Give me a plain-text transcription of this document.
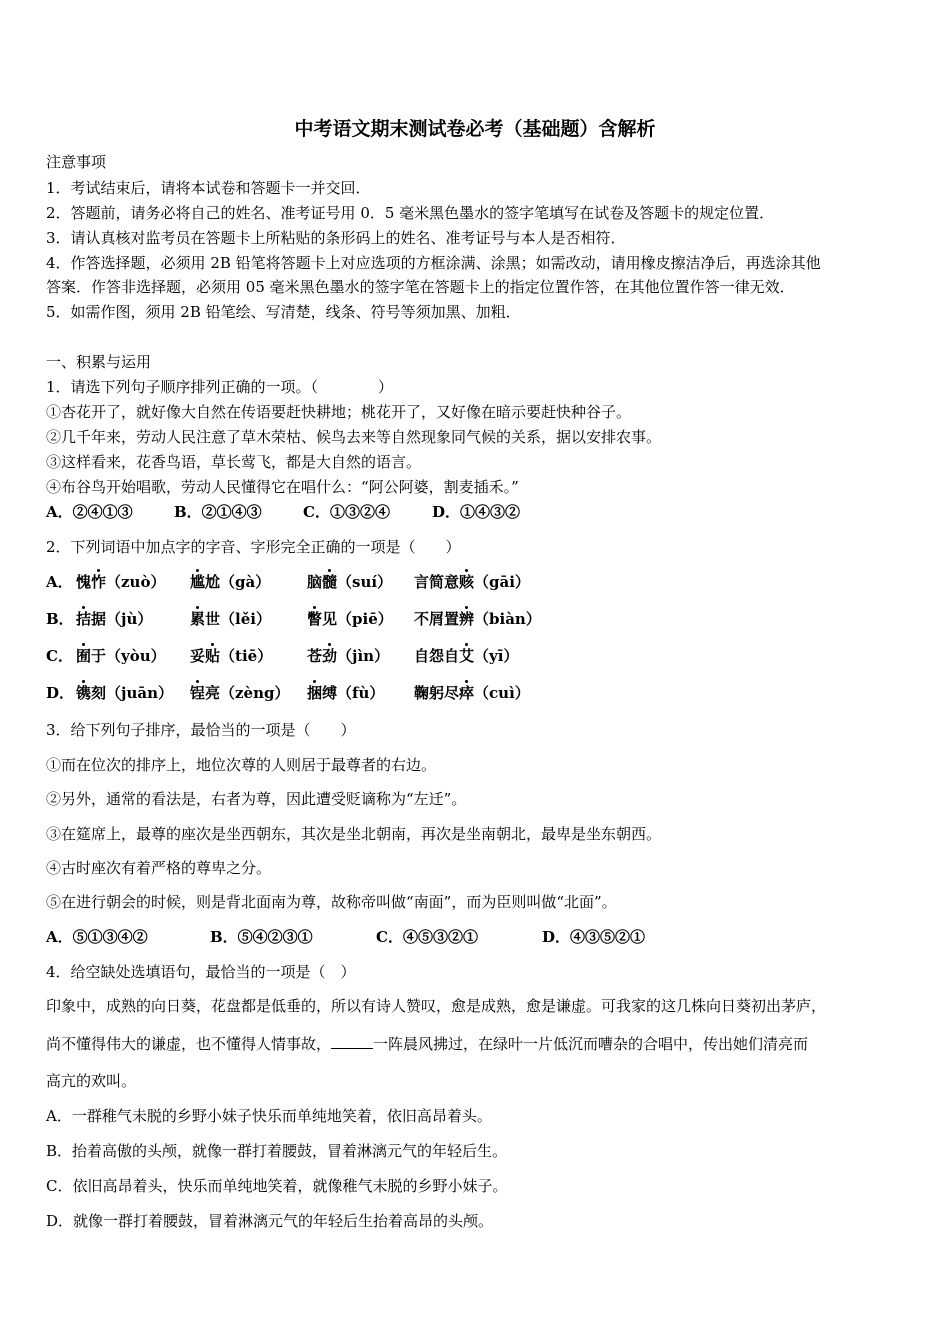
中考语文期末测试卷必考（基础题）含解析
注意事项
1．考试结束后，请将本试卷和答题卡一并交回．
2．答题前，请务必将自己的姓名、准考证号用 0．5 毫米黑色墨水的签字笔填写在试卷及答题卡的规定位置．
3．请认真核对监考员在答题卡上所粘贴的条形码上的姓名、准考证号与本人是否相符．
4．作答选择题，必须用 2B 铅笔将答题卡上对应选项的方框涂满、涂黑；如需改动，请用橡皮擦洁净后，再选涂其他
答案．作答非选择题，必须用 05 毫米黑色墨水的签字笔在答题卡上的指定位置作答，在其他位置作答一律无效．
5．如需作图，须用 2B 铅笔绘、写清楚，线条、符号等须加黑、加粗．
一、积累与运用
1．请选下列句子顺序排列正确的一项。（　　　　）
①杏花开了，就好像大自然在传语要赶快耕地；桃花开了，又好像在暗示要赶快种谷子。
②几千年来，劳动人民注意了草木荣枯、候鸟去来等自然现象同气候的关系，据以安排农事。
③这样看来，花香鸟语，草长莺飞，都是大自然的语言。
④布谷鸟开始唱歌，劳动人民懂得它在唱什么：“阿公阿婆，割麦插禾。”
A．②④①③	B．②①④③	C．①③②④	D．①④③②
2．下列词语中加点字的字音、字形完全正确的一项是（　　）
A． 愧怍（zuò） 尴尬（gà） 脑髓（suí） 言简意赅（gāi）
B． 拮据（jù）	累世（lěi） 瞥见（piē） 不屑置辨（biàn）
C． 囿于（yòu） 妥贴（tiē） 苍劲（jìn） 自怨自艾（yī）
D． 镌刻（juān） 锃亮（zèng） 捆缚（fù） 鞠躬尽瘁（cuì）
3．给下列句子排序，最恰当的一项是（　　）
①而在位次的排序上，地位次尊的人则居于最尊者的右边。
②另外，通常的看法是，右者为尊，因此遭受贬谪称为“左迁”。
③在筵席上，最尊的座次是坐西朝东，其次是坐北朝南，再次是坐南朝北，最卑是坐东朝西。
④古时座次有着严格的尊卑之分。
⑤在进行朝会的时候，则是背北面南为尊，故称帝叫做“南面”，而为臣则叫做“北面”。
A．⑤①③④②	B．⑤④②③①	C．④⑤③②①	D．④③⑤②①
4．给空缺处选填语句，最恰当的一项是（　）
印象中，成熟的向日葵，花盘都是低垂的，所以有诗人赞叹，愈是成熟，愈是谦虚。可我家的这几株向日葵初出茅庐，
尚不懂得伟大的谦虚，也不懂得人情事故，	一阵晨风拂过，在绿叶一片低沉而嘈杂的合唱中，传出她们清亮而
高亢的欢叫。
A．一群稚气未脱的乡野小妹子快乐而单纯地笑着，依旧高昂着头。
B．抬着高傲的头颅，就像一群打着腰鼓，冒着淋漓元气的年轻后生。
C．依旧高昂着头，快乐而单纯地笑着，就像稚气未脱的乡野小妹子。
D．就像一群打着腰鼓，冒着淋漓元气的年轻后生抬着高昂的头颅。
